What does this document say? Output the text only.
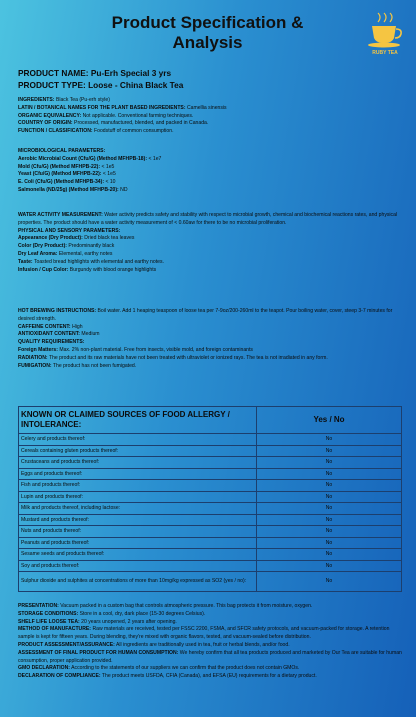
Product Specification &
Analysis
RUBY TEA
PRODUCT NAME: Pu-Erh Special 3 yrs
PRODUCT TYPE: Loose - China Black Tea

INGREDIENTS: Black Tea (Pu-erh style)

LATIN / BOTANICAL NAMES FOR THE PLANT BASED INGREDIENTS: Camellia sinensis

ORGANIC EQUIVALENCY: Not applicable. Conventional farming techniques.

COUNTRY OF ORIGIN: Processed, manufactured, blended, and packed in Canada.

FUNCTION / CLASSIFICATION: Foodstuff of common consumption.

MICROBIOLOGICAL PARAMETERS:

Aerobic Microbial Count (Cfu/G) (Method MFHPB-18): < 1e7

Mold (Cfu/G) (Method MFHPB-22): < 1e5

Yeast (Cfu/G) (Method MFHPB-22): < 1e5

E. Coli (Cfu/G) (Method MFHPB-34): < 10

Salmonella (ND/25g) (Method MFHPB-20): ND

WATER ACTIVITY MEASUREMENT: Water activity predicts safety and stability with respect to microbial growth, chemical and biochemical reactions rates, and physical properties. The product should have a water activity measurement of < 0.60aw for there to be no microbial proliferation.

PHYSICAL AND SENSORY PARAMETERS:

Appearance (Dry Product): Dried black tea leaves

Color (Dry Product): Predominantly black

Dry Leaf Aroma: Elemental, earthy notes

Taste: Toasted bread highlights with elemental and earthy notes.

Infusion / Cup Color: Burgundy with blood orange highlights

HOT BREWING INSTRUCTIONS: Boil water. Add 1 heaping teaspoon of loose tea per 7-9oz/200-260ml to the teapot. Pour boiling water, cover, steep 3-7 minutes for desired strength.

CAFFEINE CONTENT: High

ANTIOXIDANT CONTENT: Medium

QUALITY REQUIREMENTS:

Foreign Matters: Max. 2% non-plant material. Free from insects, visible mold, and foreign contaminants

RADIATION: The product and its raw materials have not been treated with ultraviolet or ionized rays. The tea is not irradiated in any form.

FUMIGATION: The product has not been fumigated.

KNOWN OR CLAIMED SOURCES OF FOOD ALLERGY / INTOLERANCE:	Yes / No
Celery and products thereof:	No
Cereals containing gluten products thereof:	No
Crustaceans and products thereof:	No
Eggs and products thereof:	No
Fish and products thereof:	No
Lupin and products thereof:	No
Milk and products thereof, including lactose:	No
Mustard and products thereof:	No
Nuts and products thereof:	No
Peanuts and products thereof:	No
Sesame seeds and products thereof:	No
Soy and products thereof:	No
Sulphur dioxide and sulphites at concentrations of more than 10mg/kg expressed as SO2 (yes / no):	No

PRESENTATION: Vacuum packed in a custom bag that controls atmospheric pressure. This bag protects it from moisture, oxygen.

STORAGE CONDITIONS: Store in a cool, dry, dark place (15-30 degrees Celsius).

SHELF LIFE LOOSE TEA: 20 years unopened, 2 years after opening.

METHOD OF MANUFACTURE: Raw materials are received, tested per FSSC 2200, FSMA, and SFCR safety protocols, and vacuum-packed for storage. A retention sample is kept for fifteen years. During blending, they're mixed with organic flavors, tested, and vacuum-sealed before distribution.

PRODUCT ASSESSMENT/ASSURANCE: All ingredients are traditionally used in tea, fruit or herbal blends, and/or food.

ASSESSMENT OF FINAL PRODUCT FOR HUMAN CONSUMPTION: We hereby confirm that all tea products produced and marketed by Our Tea are suitable for human consumption, proper application provided.

GMO DECLARATION: According to the statements of our suppliers we can confirm that the product does not contain GMOs.

DECLARATION OF COMPLIANCE: The product meets USFDA, CFIA (Canada), and EFSA (EU) requirements for a dietary product.
